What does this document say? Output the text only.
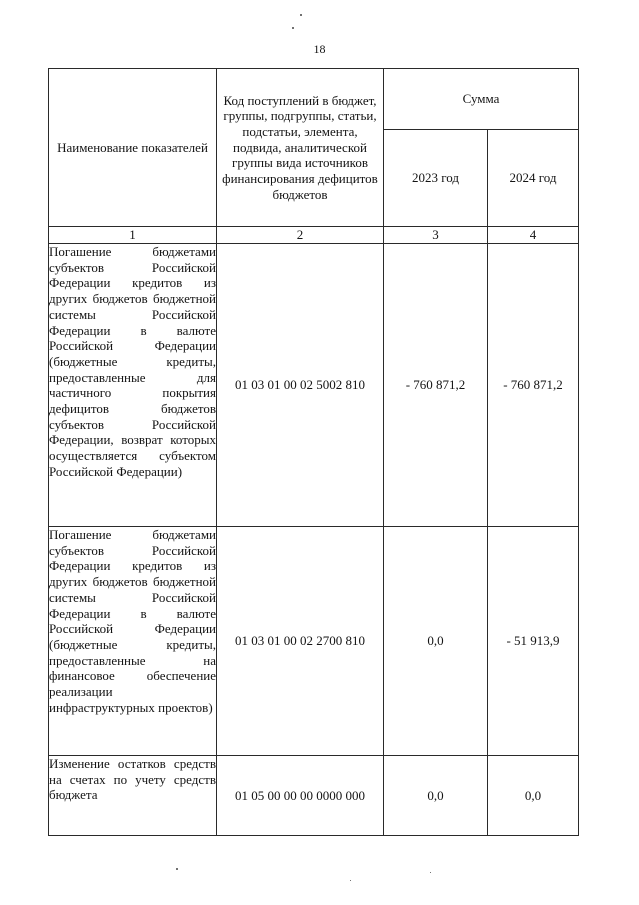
18
Наименование показателей	Код поступлений в бюджет, группы, подгруппы, статьи, подстатьи, элемента, подвида, аналитической группы вида источников финансирования дефицитов бюджетов	Сумма	
		2023 год	2024 год
1	2	3	4
Погашение бюджетами субъектов Российской Федерации кредитов из других бюджетов бюджетной системы Российской Федерации в валюте Российской Федерации (бюджетные кредиты, предоставленные для частичного покрытия дефицитов бюджетов субъектов Российской Федерации, возврат которых осуществляется субъектом Российской Федерации)	01 03 01 00 02 5002 810	- 760 871,2	- 760 871,2
Погашение бюджетами субъектов Российской Федерации кредитов из других бюджетов бюджетной системы Российской Федерации в валюте Российской Федерации (бюджетные кредиты, предоставленные на финансовое обеспечение реализации инфраструктурных проектов)	01 03 01 00 02 2700 810	0,0	- 51 913,9
Изменение остатков средств на счетах по учету средств бюджета	01 05 00 00 00 0000 000	0,0	0,0
